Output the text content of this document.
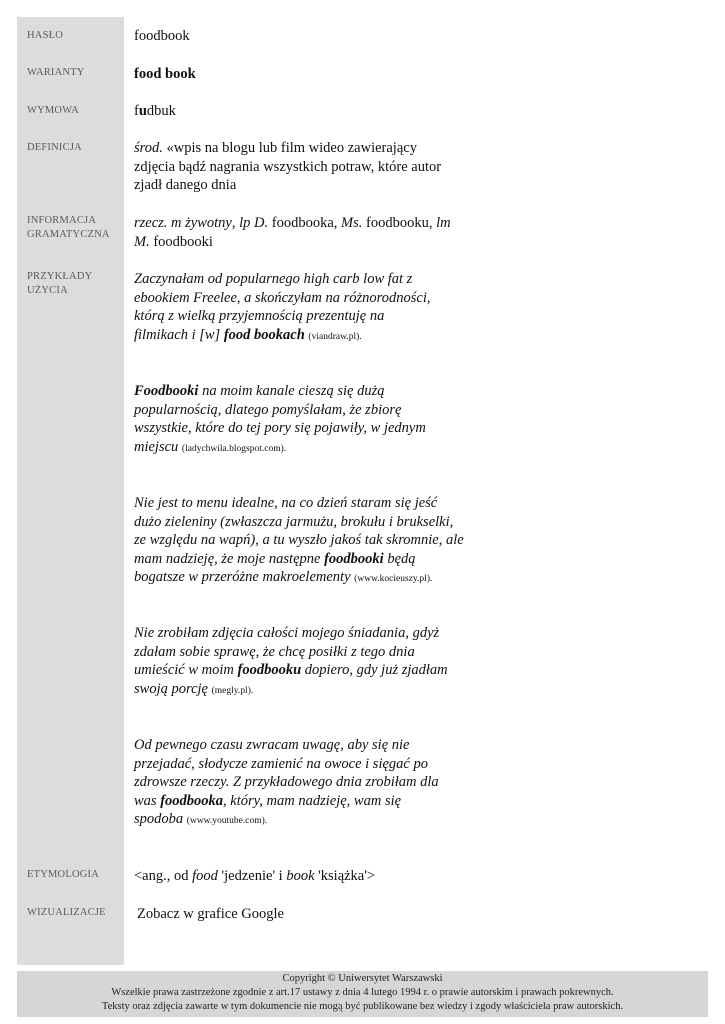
HASŁO
WARIANTY
WYMOWA
DEFINICJA
INFORMACJA
GRAMATYCZNA
PRZYKŁADY
UŻYCIA
ETYMOLOGIA
WIZUALIZACJE
foodbook
food book
fudbuk
środ. «wpis na blogu lub film wideo zawierający zdjęcia bądź nagrania wszystkich potraw, które autor zjadł danego dnia
rzecz. m żywotny, lp D. foodbooka, Ms. foodbooku, lm M. foodbooki
Zaczynałam od popularnego high carb low fat z ebookiem Freelee, a skończyłam na różnorodności, którą z wielką przyjemnością prezentuję na filmikach i [w] food bookach (viandraw.pl).
Foodbooki na moim kanale cieszą się dużą popularnością, dlatego pomyślałam, że zbiorę wszystkie, które do tej pory się pojawiły, w jednym miejscu (ladychwila.blogspot.com).
Nie jest to menu idealne, na co dzień staram się jeść dużo zieleniny (zwłaszcza jarmużu, brokułu i brukselki, ze względu na wapń), a tu wyszło jakoś tak skromnie, ale mam nadzieję, że moje następne foodbooki będą bogatsze w przeróżne makroelementy (www.kocieuszy.pl).
Nie zrobiłam zdjęcia całości mojego śniadania, gdyż zdałam sobie sprawę, że chcę posiłki z tego dnia umieścić w moim foodbooku dopiero, gdy już zjadłam swoją porcję (megly.pl).
Od pewnego czasu zwracam uwagę, aby się nie przejadać, słodycze zamienić na owoce i sięgać po zdrowsze rzeczy. Z przykładowego dnia zrobiłam dla was foodbooka, który, mam nadzieję, wam się spodoba (www.youtube.com).
<ang., od food 'jedzenie' i book 'książka'>
Zobacz w grafice Google
Copyright © Uniwersytet Warszawski
Wszelkie prawa zastrzeżone zgodnie z art.17 ustawy z dnia 4 lutego 1994 r. o prawie autorskim i prawach pokrewnych.
Teksty oraz zdjęcia zawarte w tym dokumencie nie mogą być publikowane bez wiedzy i zgody właściciela praw autorskich.
